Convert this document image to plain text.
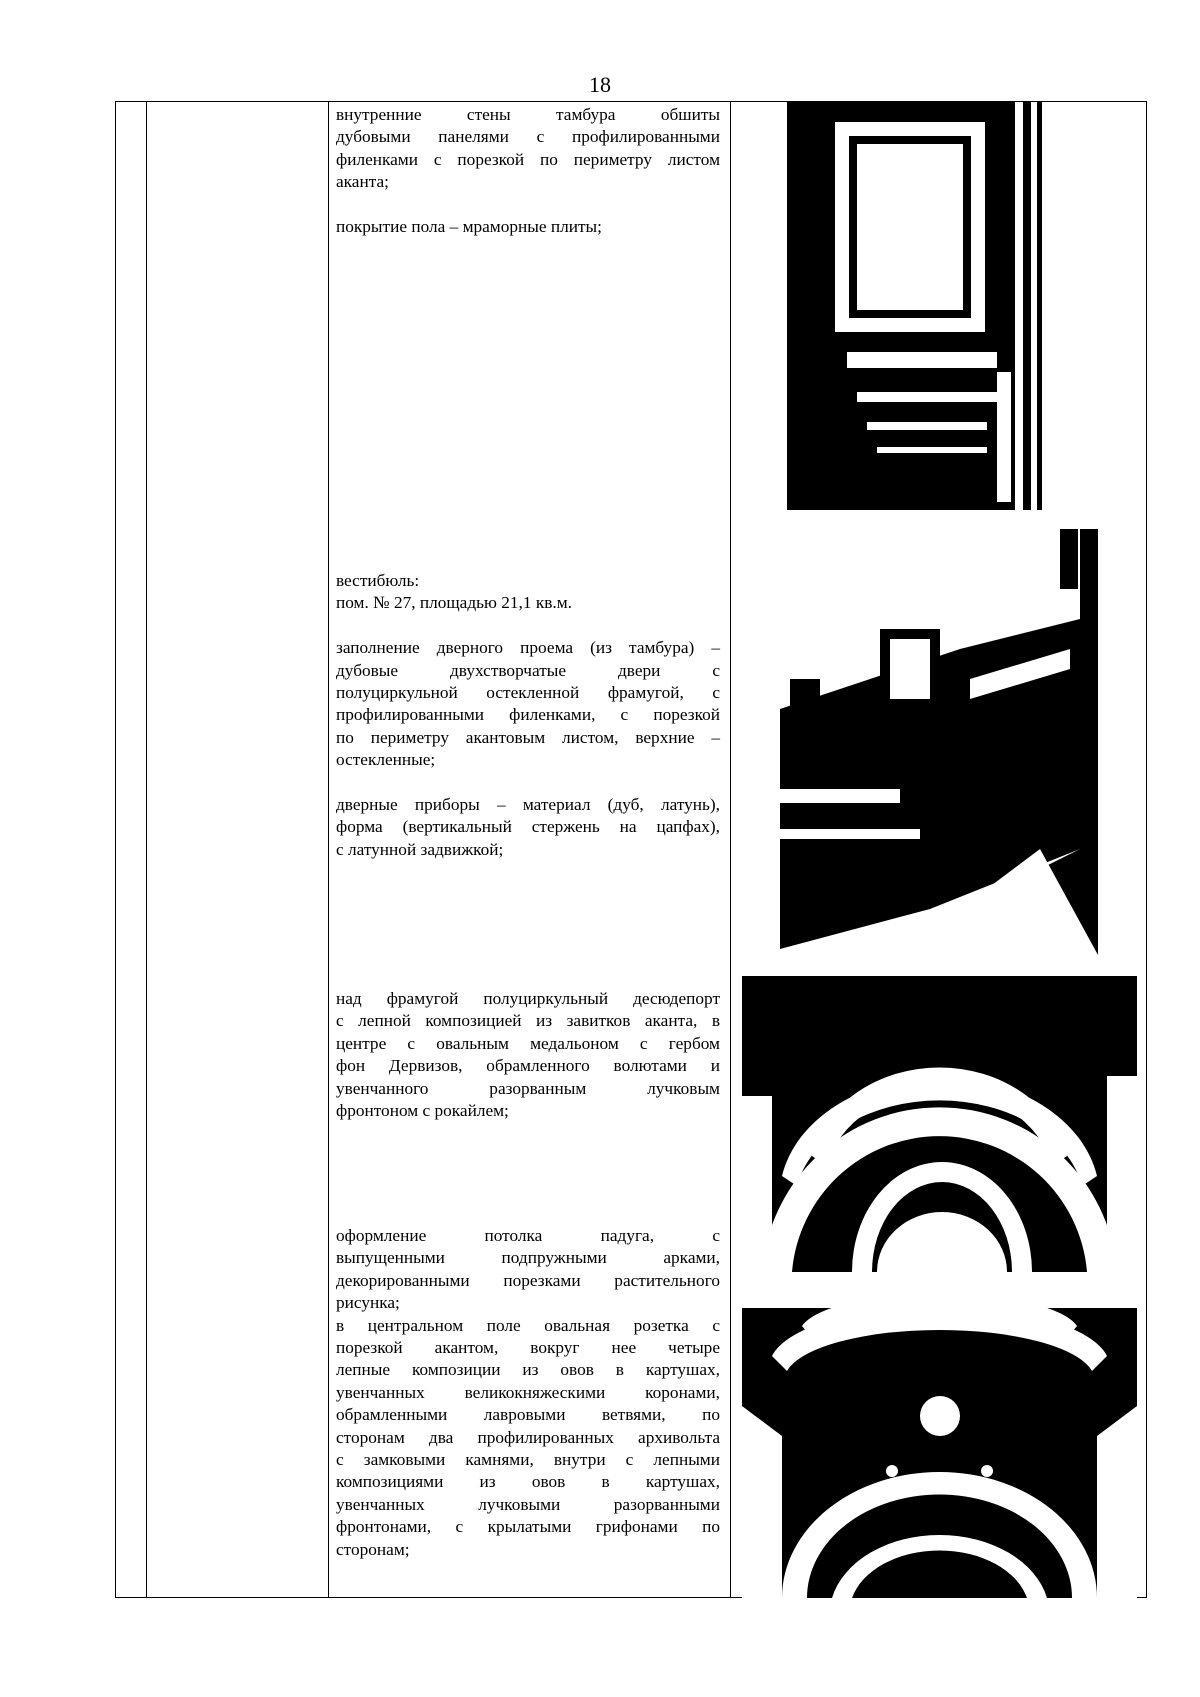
18
внутренние стены тамбура обшиты
дубовыми панелями с профилированными
филенками с порезкой по периметру листом
аканта;

покрытие пола – мраморные плиты;
вестибюль:
пом. № 27, площадью 21,1 кв.м.

заполнение дверного проема (из тамбура) –
дубовые двухстворчатые двери с
полуциркульной остекленной фрамугой, с
профилированными филенками, с порезкой
по периметру акантовым листом, верхние –
остекленные;

дверные приборы – материал (дуб, латунь),
форма (вертикальный стержень на цапфах),
с латунной задвижкой;
над фрамугой полуциркульный десюдепорт
с лепной композицией из завитков аканта, в
центре с овальным медальоном с гербом
фон Дервизов, обрамленного волютами и
увенчанного разорванным лучковым
фронтоном с рокайлем;
оформление потолка падуга, с
выпущенными подпружными арками,
декорированными порезками растительного
рисунка;
в центральном поле овальная розетка с
порезкой акантом, вокруг нее четыре
лепные композиции из овов в картушах,
увенчанных великокняжескими коронами,
обрамленными лавровыми ветвями, по
сторонам два профилированных архивольта
с замковыми камнями, внутри с лепными
композициями из овов в картушах,
увенчанных лучковыми разорванными
фронтонами, с крылатыми грифонами по
сторонам;
